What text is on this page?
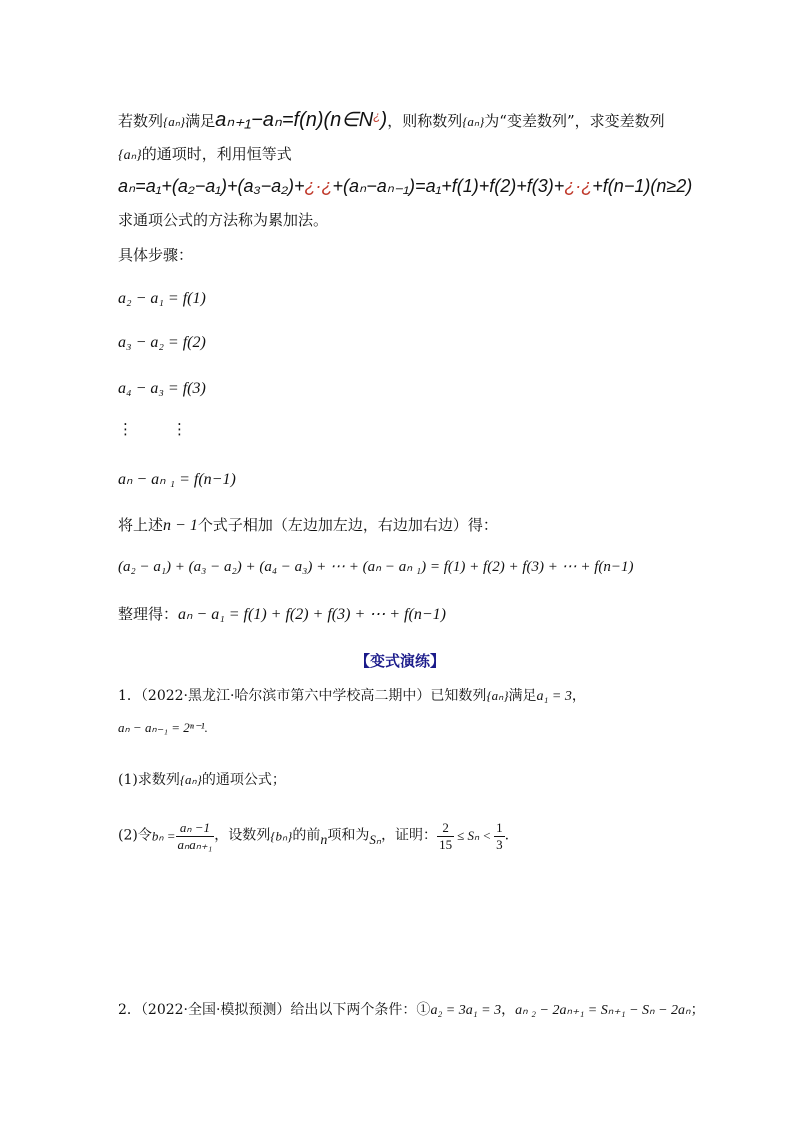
若数列{aₙ}满足aₙ₊₁−aₙ=f(n)(n∈N¿)，则称数列{aₙ}为“变差数列”，求变差数列
{aₙ}的通项时，利用恒等式
aₙ=a₁+(a₂−a₁)+(a₃−a₂)+¿·¿+(aₙ−aₙ₋₁)=a₁+f(1)+f(2)+f(3)+¿·¿+f(n−1)(n≥2)
求通项公式的方法称为累加法。
具体步骤：
a₂ − a₁ = f(1)
a₃ − a₂ = f(2)
a₄ − a₃ = f(3)
⋮	⋮
aₙ − aₙ ₁ = f(n−1)
将上述n − 1个式子相加（左边加左边，右边加右边）得：
(a₂ − a₁) + (a₃ − a₂) + (a₄ − a₃) + ⋯ + (aₙ − aₙ ₁) = f(1) + f(2) + f(3) + ⋯ + f(n−1)
整理得：aₙ − a₁ = f(1) + f(2) + f(3) + ⋯ + f(n−1)
【变式演练】
1．（2022·黑龙江·哈尔滨市第六中学校高二期中）已知数列{aₙ}满足a₁ = 3，
aₙ − aₙ₋₁ = 2ⁿ⁻¹.
(1)求数列{aₙ}的通项公式；
(2)令$b_n = \frac{\text{aₙ −1}}{\text{aₙaₙ₊₁}}$ ，设数列{bₙ}的前n项和为Sₙ，证明： $\frac{2}{15} \le S_n < \frac{1}{3}$ .
2．（2022·全国·模拟预测）给出以下两个条件：①a₂ = 3a₁ = 3，aₙ ₂ − 2aₙ₊₁ = Sₙ₊₁ − Sₙ − 2aₙ；
